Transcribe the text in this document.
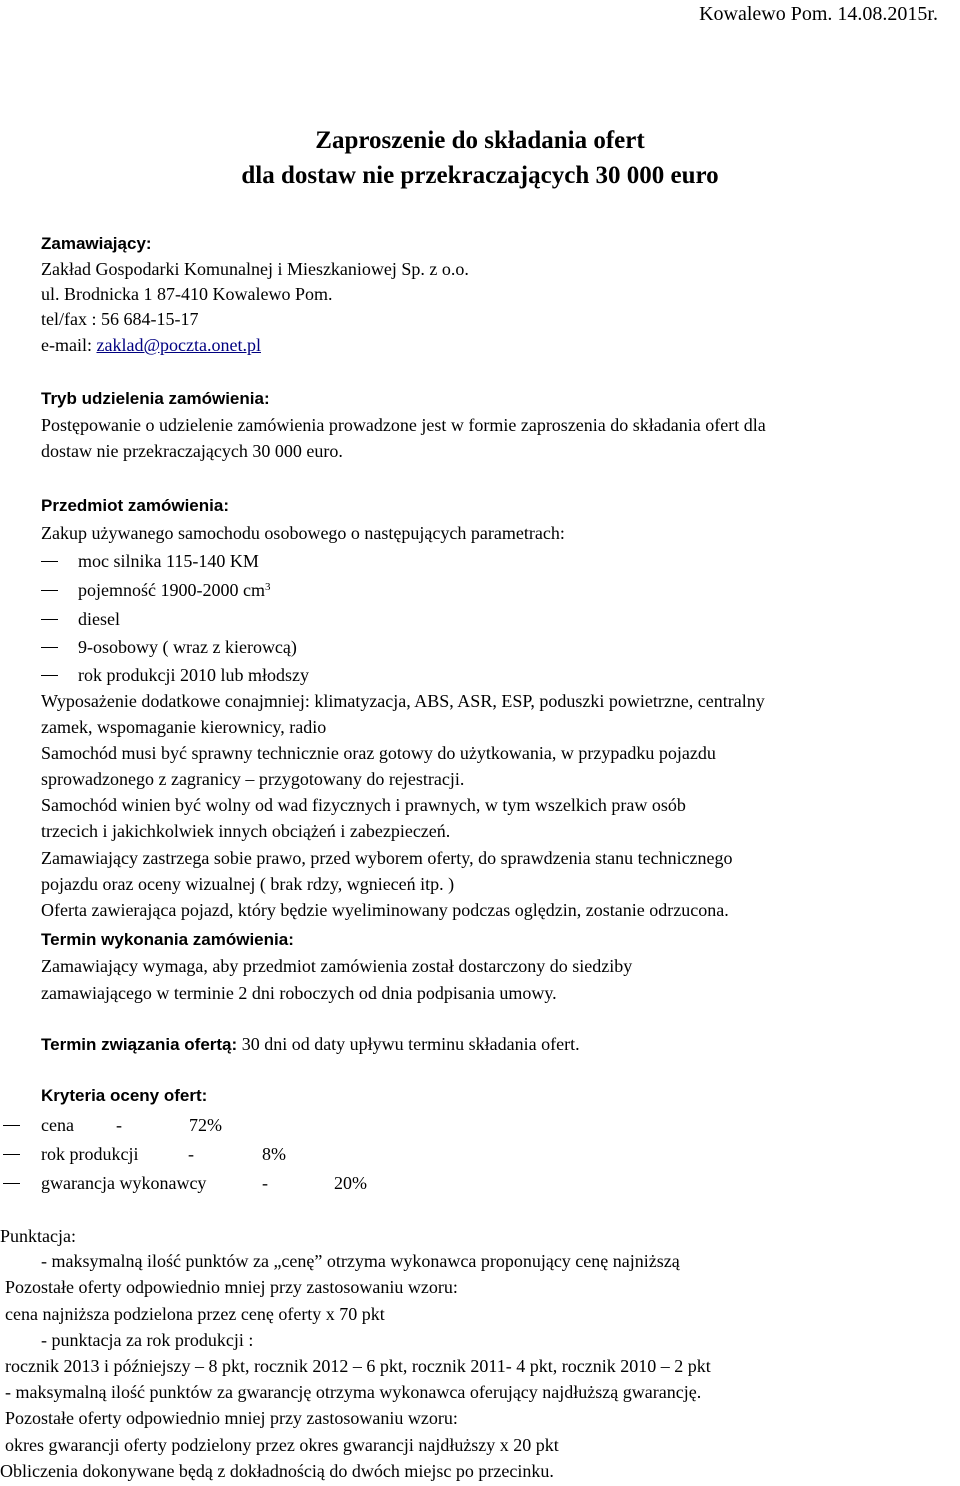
Kowalewo Pom. 14.08.2015r.

Zaproszenie do składania ofert

dla dostaw nie przekraczających 30 000 euro

Zamawiający:

Zakład Gospodarki Komunalnej i Mieszkaniowej Sp. z o.o.

ul. Brodnicka 1 87-410 Kowalewo Pom.

tel/fax : 56 684-15-17

e-mail: zaklad@poczta.onet.pl

Tryb udzielenia zamówienia:

Postępowanie o udzielenie zamówienia prowadzone jest w formie zaproszenia do składania ofert dla

dostaw nie przekraczających 30 000 euro.

Przedmiot zamówienia:

Zakup używanego samochodu osobowego o następujących parametrach:

moc silnika 115-140 KM

pojemność 1900-2000 $cm^3$

diesel

9-osobowy ( wraz z kierowcą)

rok produkcji 2010 lub młodszy

Wyposażenie dodatkowe conajmniej: klimatyzacja, ABS, ASR, ESP, poduszki powietrzne, centralny

zamek, wspomaganie kierownicy, radio

Samochód musi być sprawny technicznie oraz gotowy do użytkowania, w przypadku pojazdu

sprowadzonego z zagranicy – przygotowany do rejestracji.

Samochód winien być wolny od wad fizycznych i prawnych, w tym wszelkich praw osób

trzecich i jakichkolwiek innych obciążeń i zabezpieczeń.

Zamawiający zastrzega sobie prawo, przed wyborem oferty, do sprawdzenia stanu technicznego

pojazdu oraz oceny wizualnej ( brak rdzy, wgnieceń itp. )

Oferta zawierająca pojazd, który będzie wyeliminowany podczas oględzin, zostanie odrzucona.

Termin wykonania zamówienia:

Zamawiający wymaga, aby przedmiot zamówienia został dostarczony do siedziby

zamawiającego w terminie 2 dni roboczych od dnia podpisania umowy.

Termin związania ofertą: 30 dni od daty upływu terminu składania ofert.

Kryteria oceny ofert:

cena -	72%

rok produkcji	-	8%

gwarancja wykonawcy	-	20%

Punktacja:

- maksymalną ilość punktów za „cenę” otrzyma wykonawca proponujący cenę najniższą

Pozostałe oferty odpowiednio mniej przy zastosowaniu wzoru:

cena najniższa podzielona przez cenę oferty x 70 pkt

- punktacja za rok produkcji :

rocznik 2013 i późniejszy – 8 pkt, rocznik 2012 – 6 pkt, rocznik 2011- 4 pkt, rocznik 2010 – 2 pkt

- maksymalną ilość punktów za gwarancję otrzyma wykonawca oferujący najdłuższą gwarancję.

Pozostałe oferty odpowiednio mniej przy zastosowaniu wzoru:

okres gwarancji oferty podzielony przez okres gwarancji najdłuższy x 20 pkt

Obliczenia dokonywane będą z dokładnością do dwóch miejsc po przecinku.
